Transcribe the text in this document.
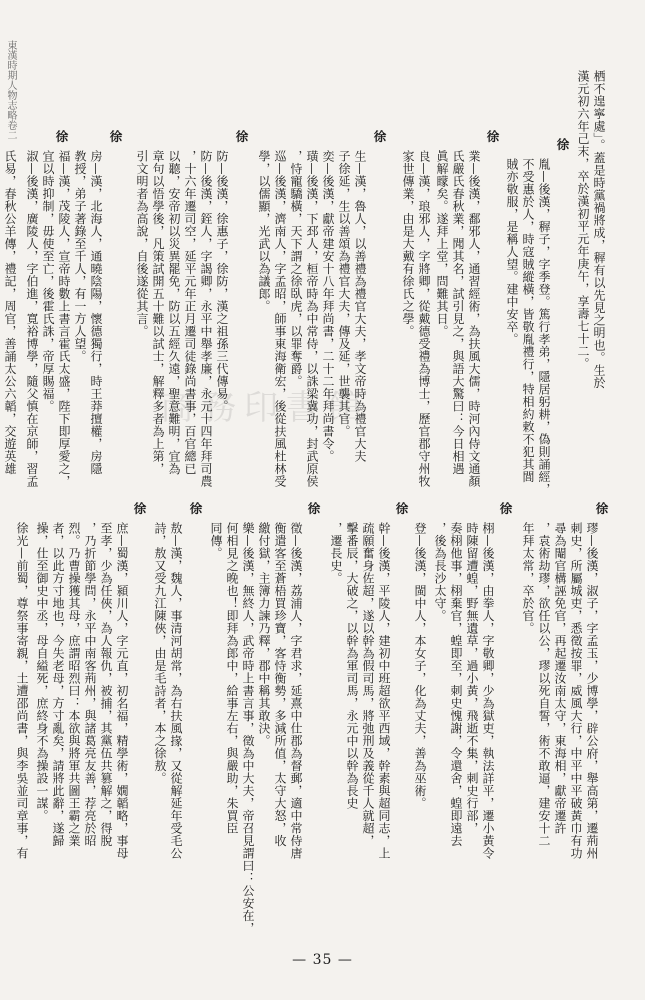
商務印書館
東漢時期人物志略卷二	栖不遑寧處」。蓋是時黨禍將成，稺有以先見之明也。生於
漢元初六年己末，卒於漢初平元年庚午，享壽七十二。
徐
胤—後漢，稺子，字季登。篤行孝弟，隱居躬耕，偽則誦經，
不受惠於人，時寇賊縱橫，皆敬胤禮行，特相約敕不犯其閭
賊亦敬服，是稱人望。建中安卒。
徐
業—後漢，鄱邪人，通習經術，為扶風大儒，時河內侍文通顏
氏嚴氏春秋業，聞其名，試引見之，與語大驚曰：今日相遇
眞解矇矣。遂拜上堂，問難其日。
良—漢，琅邪人，字將卿，從戴德受禮為博士，歷官郡守州牧
家世傳業，由是大戴有徐氏之學。
徐
生—漢，魯人，以善禮為禮官大夫，孝文帝時為禮官大夫
子徐延，生以善頌為禮官大夫，傳及延，世襲其官。
奕—後漢，獻帝建安十八年拜尚書，二十二年拜尚書令。
璜—後漢，下邳人，桓帝時為中常侍，以誅梁冀功，封武原侯
，恃寵驕橫，天下謂之徐臥虎，以罪奪爵。
巡—後漢，濟南人，字孟昭，師事東海衛宏，後從扶風杜林受
學，以儒顯，光武以為議郎。
徐
防—後漢，徐惠子，徐防，漢之祖孫三代傳易。
防—後漢，銍人，字謁卿，永平中舉孝廉，永元十四年拜司農
，十六年遷司空，延平元年正月遷司徒錄尚書事，百官總已
以聽，安帝初以災異罷免，防以五經久遠，聖意難明，宜為
章句以悟學後，凡策試開五十難以試士，解釋多者為上第，
引文明者為高說，自後遂從其言。
徐
房—漢，北海人，通曉陰陽，懷德獨行，時王莽擅權，房隱
教授，弟子著錄至千人，有一方人望。
徐
福—漢，茂陵人，宣帝時數上書言霍氏太盛，陛下即厚愛之，
宜以時抑制，毋使至亡，後霍氏誅，帝厚賜福。
淑—後漢，廣陵人，字伯進，寬裕博學，隨父慎在京師，習孟
氏易，春秋公羊傳，禮記，周官，善誦太公六韜，交遊英雄
徐
璆—後漢，淑子，字孟玉，少博學，辟公府，舉高第，遷荊州
刺史，所屬城吏，悉徵按罪，威風大行，中平中平破黃巾有功
尋為閹官構誣免官，再起遷汝南太守，東海相，獻帝遷許
，袁術劫璆，欲任以公，璆以死自誓，術不敢逼，建安十二
年拜太常，卒於官。
徐
栩—後漢，由拳人，字敬卿，少為獄吏，執法詳平，遷小黃令
時陳留遭蝗，野無遺草，過小黃，飛逝不集，刺史行部，
奏栩他事，栩棄官，蝗即至，刺史愧謝，令還舍，蝗即遠去
，後為長沙太守。
登—後漢，閩中人，本女子，化為丈夫，善為巫術。
徐
幹—後漢，平陵人，建初中班超欲平西域，幹素與超同志，上
疏願奮身佐超，遂以幹為假司馬，將弛刑及義從千人就超，
擊番辰，大破之，以幹為軍司馬，永元中以幹為長史
，遷長史。
徐
徵—後漢，荔浦人，字君求，延熹中仕郡為督郵，適中常侍唐
衡遣客至蒼梧買珍寶，客恃衡勢，多減所值，太守大怒，收
繳付獄，主簿力諫乃釋，郡中稱其敢決。
樂—後漢，無終人，武帝時上書言事，徵為中大夫，帝召見謂曰：公安在，
何相見之晚也！即拜為郎中，給事左右，與嚴助，朱買臣
同傳。
徐
敖—漢，魏人，事清河胡常，為右扶風掾，又從解延年受毛公
詩，敖又受九江陳俠，由是毛詩者，本之徐敖。
徐
庶—蜀漢，潁川人，字元直，初名福，精學術，嫺韜略，事母
至孝，少為任俠，為人報仇，被捕，其黨伍共篡解之，得脫
，乃折節學問，永平中南客荊州，與諸葛亮友善，荐亮於昭
烈。乃曹操獲其母，庶謂昭烈曰：本欲與將軍共圖王霸之業
者，以此方寸地也，今失老母，方寸亂矣，請將此辭，遂歸
操，仕至御史中丞，母自縊死，庶終身不為操設一謀。
徐光—前蜀，尊祭事寄親，土遭邵尚書，與李吳並司章事，有
— 35 —
